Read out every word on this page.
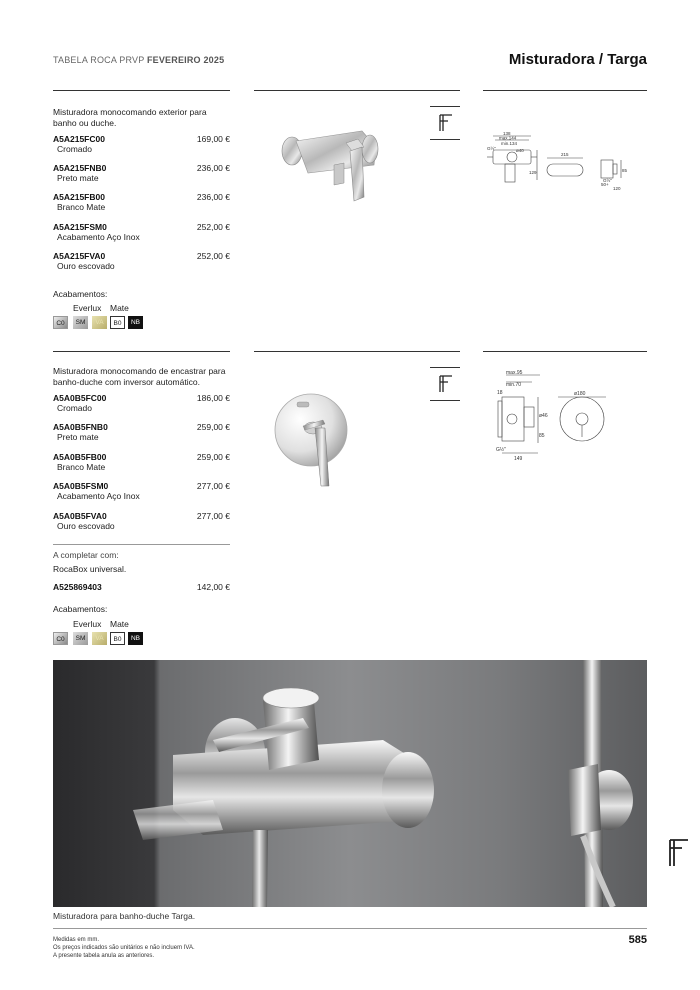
TABELA ROCA PRVP FEVEREIRO 2025	Misturadora / Targa
Misturadora monocomando exterior para banho ou duche.
A5A215FC00	169,00 €
Cromado
A5A215FNB0	236,00 €
Preto mate
A5A215FB00	236,00 €
Branco Mate
A5A215FSM0	252,00 €
Acabamento Aço Inox
A5A215FVA0	252,00 €
Ouro escovado
Acabamentos:
Everlux Mate
C0	SM	VA	B0	NB
138
max.144
min.134
ø40
G½"
129
215
85
G½"
120
50+
Misturadora monocomando de encastrar para banho-duche com inversor automático.
A5A0B5FC00	186,00 €
Cromado
A5A0B5FNB0	259,00 €
Preto mate
A5A0B5FB00	259,00 €
Branco Mate
A5A0B5FSM0	277,00 €
Acabamento Aço Inox
A5A0B5FVA0	277,00 €
Ouro escovado
A completar com:
RocaBox universal.
A525869403	142,00 €
Acabamentos:
Everlux Mate
C0	SM	VA	B0	NB
max.95
min.70
18
ø46
85
G½"
149
ø180
Misturadora para banho-duche Targa.
Medidas em mm.
Os preços indicados são unitários e não incluem IVA.
A presente tabela anula as anteriores.
585
